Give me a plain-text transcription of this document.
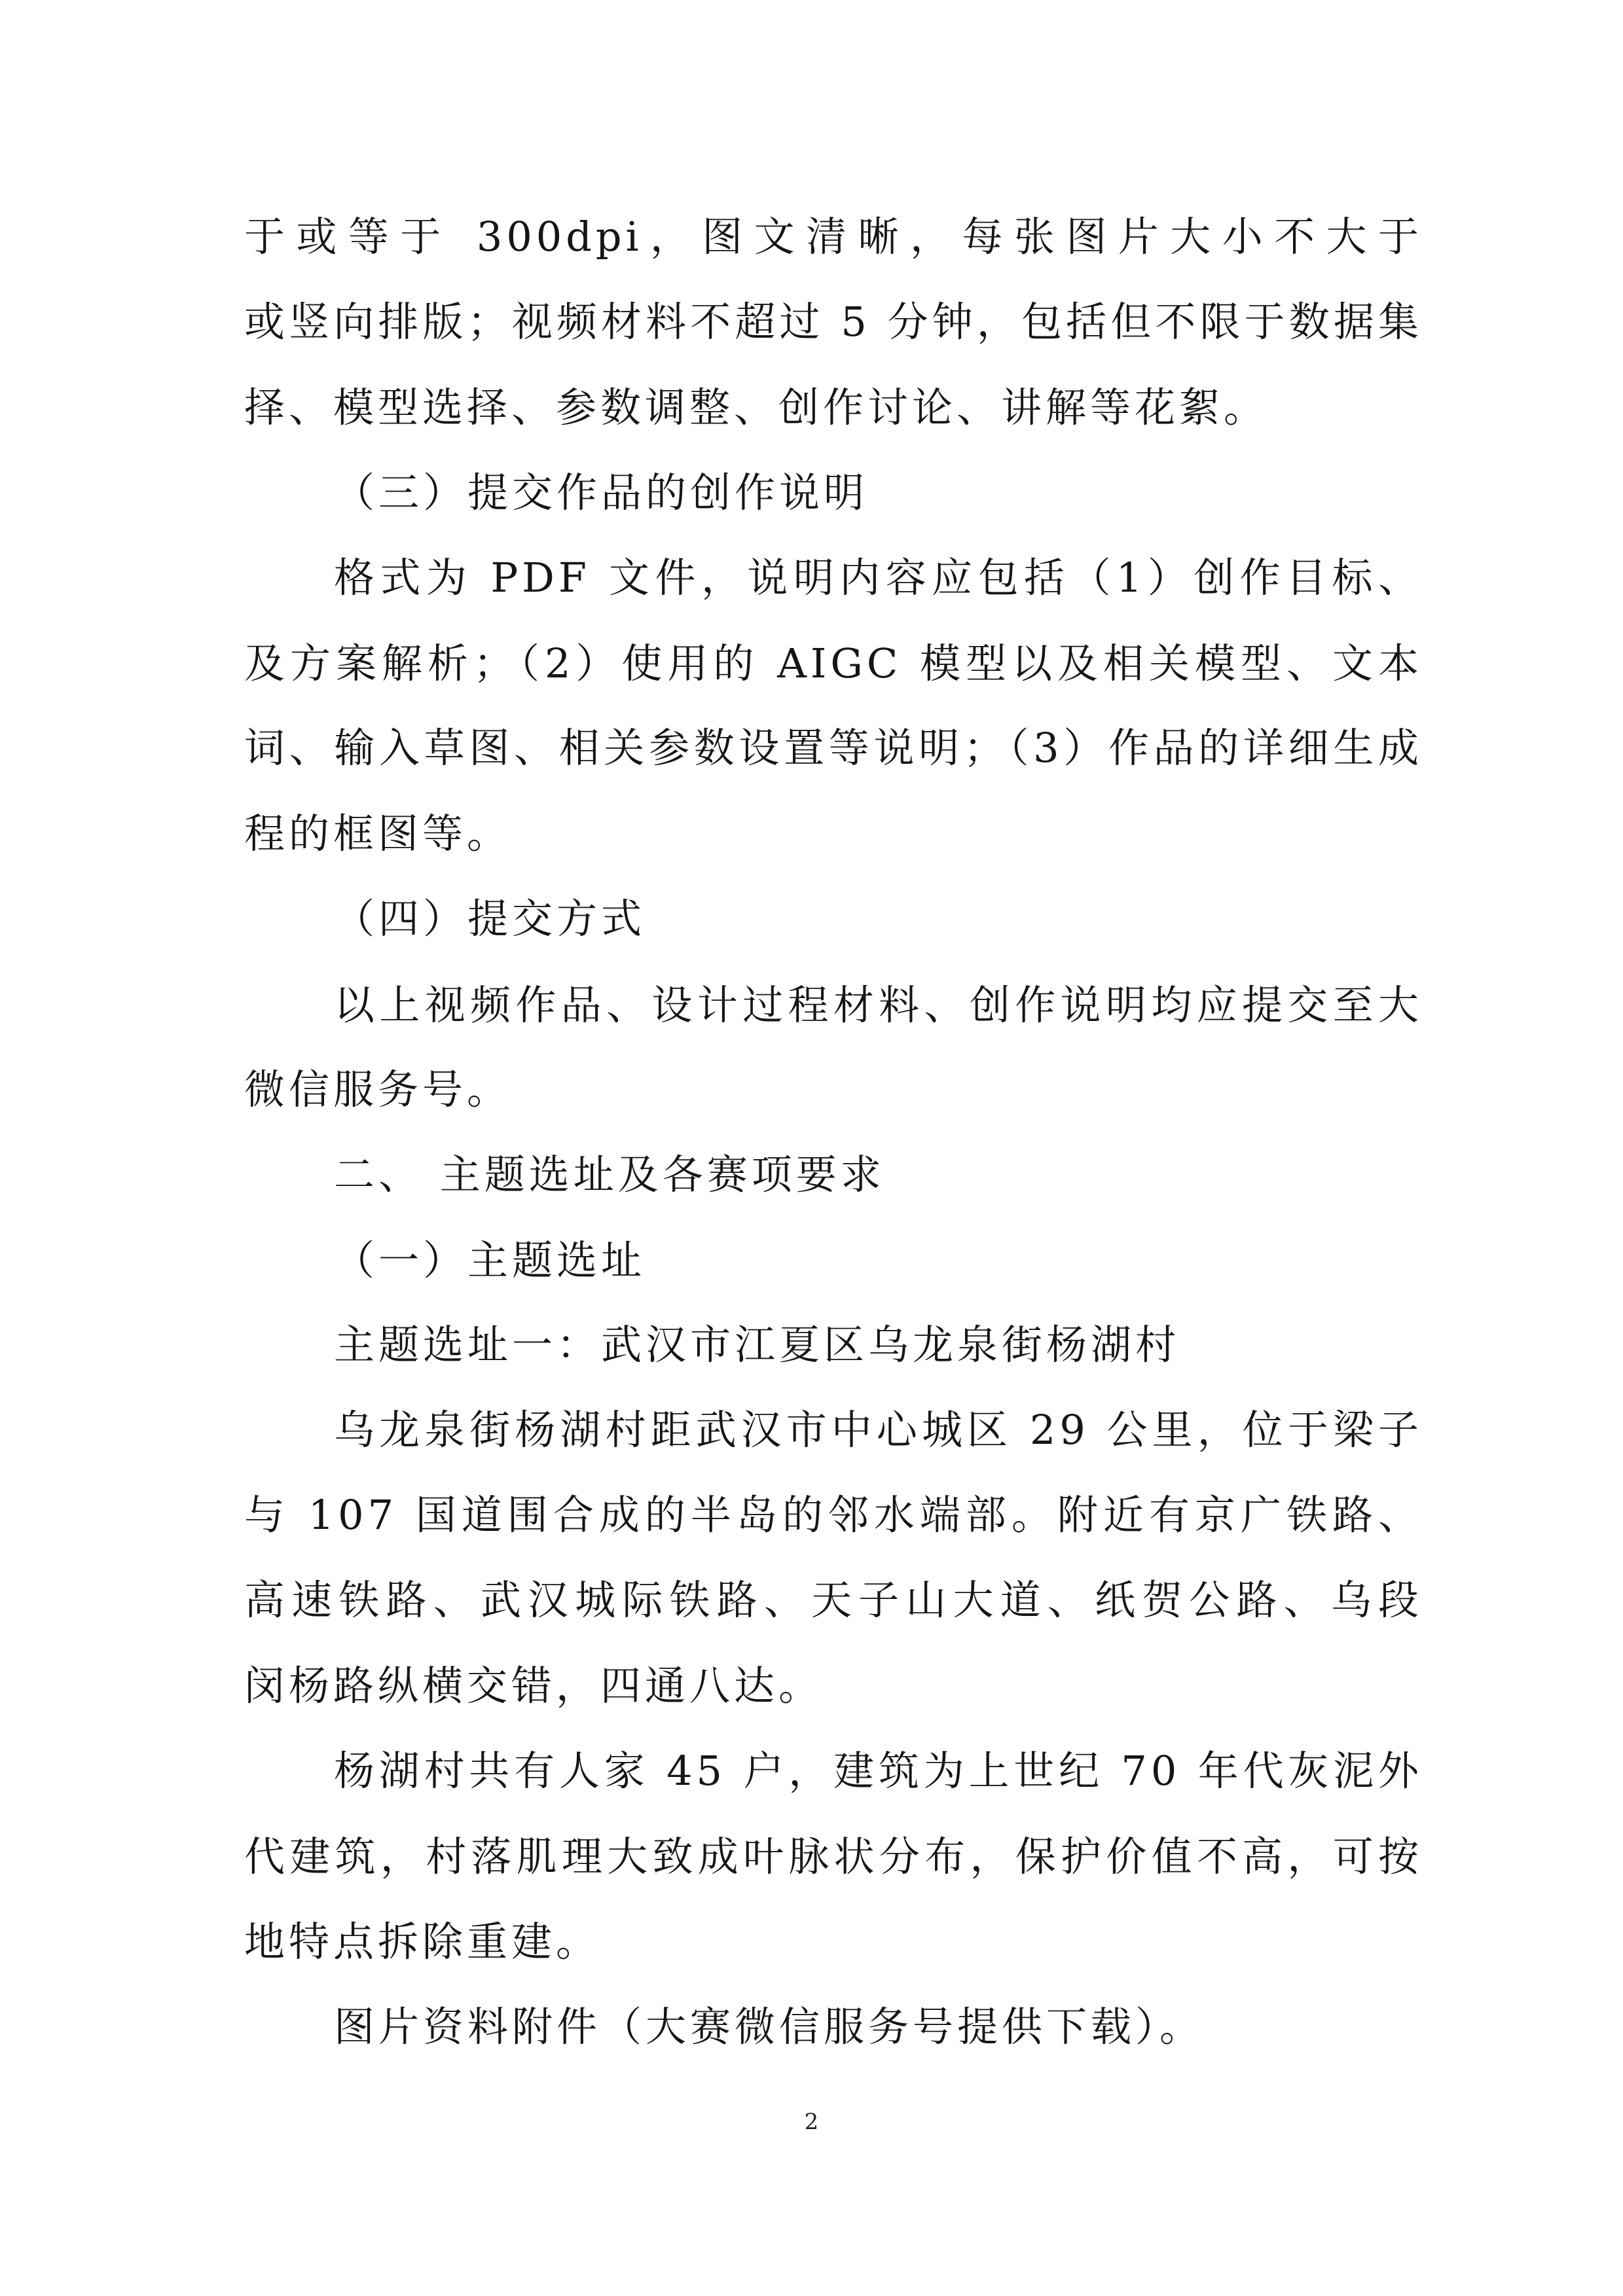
于或等于 300dpi，图文清晰，每张图片大小不大于
或竖向排版；视频材料不超过 5 分钟，包括但不限于数据集
择、模型选择、参数调整、创作讨论、讲解等花絮。
（三）提交作品的创作说明
格式为 PDF 文件，说明内容应包括（1）创作目标、
及方案解析；（2）使用的 AIGC 模型以及相关模型、文本
词、输入草图、相关参数设置等说明；（3）作品的详细生成
程的框图等。
（四）提交方式
以上视频作品、设计过程材料、创作说明均应提交至大
微信服务号。
二、 主题选址及各赛项要求
（一）主题选址
主题选址一：武汉市江夏区乌龙泉街杨湖村
乌龙泉街杨湖村距武汉市中心城区 29 公里，位于梁子
与 107 国道围合成的半岛的邻水端部。附近有京广铁路、
高速铁路、武汉城际铁路、天子山大道、纸贺公路、乌段
闵杨路纵横交错，四通八达。
杨湖村共有人家 45 户，建筑为上世纪 70 年代灰泥外
代建筑，村落肌理大致成叶脉状分布，保护价值不高，可按
地特点拆除重建。
图片资料附件（大赛微信服务号提供下载）。
2
